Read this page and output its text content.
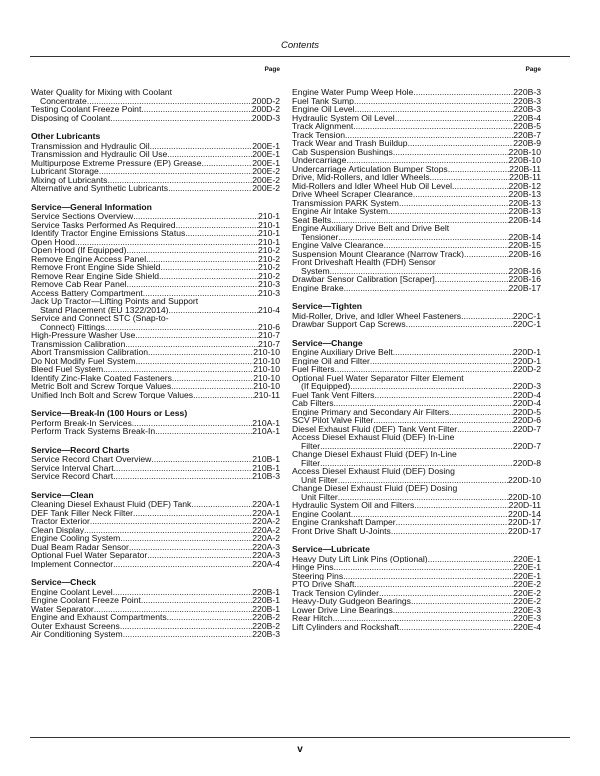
Contents
Page
Water Quality for Mixing with Coolant
Concentrate . . .	200D-2
Testing Coolant Freeze Point . . .	200D-2
Disposing of Coolant . . .	200D-3
Other Lubricants
Transmission and Hydraulic Oil . . .	200E-1
Transmission and Hydraulic Oil Use . . .	200E-1
Multipurpose Extreme Pressure (EP) Grease . . .	200E-1
Lubricant Storage . . .	200E-2
Mixing of Lubricants . . .	200E-2
Alternative and Synthetic Lubricants . . .	200E-2
Service—General Information
Service Sections Overview . . .	210-1
Service Tasks Performed As Required . . .	210-1
Identify Tractor Engine Emissions Status . . .	210-1
Open Hood . . .	210-1
Open Hood (If Equipped) . . .	210-2
Remove Engine Access Panel . . .	210-2
Remove Front Engine Side Shield . . .	210-2
Remove Rear Engine Side Shield . . .	210-2
Remove Cab Rear Panel . . .	210-3
Access Battery Compartment . . .	210-3
Jack Up Tractor—Lifting Points and Support
Stand Placement (EU 1322/2014) . . .	210-4
Service and Connect STC (Snap-to-
Connect) Fittings . . .	210-6
High-Pressure Washer Use . . .	210-7
Transmission Calibration . . .	210-7
Abort Transmission Calibration . . .	210-10
Do Not Modify Fuel System . . .	210-10
Bleed Fuel System . . .	210-10
Identify Zinc-Flake Coated Fasteners . . .	210-10
Metric Bolt and Screw Torque Values . . .	210-10
Unified Inch Bolt and Screw Torque Values . . .	210-11
Service—Break-In (100 Hours or Less)
Perform Break-In Services . . .	210A-1
Perform Track Systems Break-In . . .	210A-1
Service—Record Charts
Service Record Chart Overview . . .	210B-1
Service Interval Chart . . .	210B-1
Service Record Chart . . .	210B-3
Service—Clean
Cleaning Diesel Exhaust Fluid (DEF) Tank . . .	220A-1
DEF Tank Filler Neck Filter . . .	220A-1
Tractor Exterior . . .	220A-2
Clean Display . . .	220A-2
Engine Cooling System . . .	220A-2
Dual Beam Radar Sensor . . .	220A-3
Optional Fuel Water Separator . . .	220A-3
Implement Connector . . .	220A-4
Service—Check
Engine Coolant Level . . .	220B-1
Engine Coolant Freeze Point . . .	220B-1
Water Separator . . .	220B-1
Engine and Exhaust Compartments . . .	220B-2
Outer Exhaust Screens . . .	220B-2
Air Conditioning System . . .	220B-3
Page
Engine Water Pump Weep Hole . . .	220B-3
Fuel Tank Sump . . .	220B-3
Engine Oil Level . . .	220B-3
Hydraulic System Oil Level . . .	220B-4
Track Alignment . . .	220B-5
Track Tension . . .	220B-7
Track Wear and Trash Buildup . . .	220B-9
Cab Suspension Bushings . . .	220B-10
Undercarriage . . .	220B-10
Undercarriage Articulation Bumper Stops . . .	220B-11
Drive, Mid-Rollers, and Idler Wheels . . .	220B-11
Mid-Rollers and Idler Wheel Hub Oil Level . . .	220B-12
Drive Wheel Scraper Clearance . . .	220B-13
Transmission PARK System . . .	220B-13
Engine Air Intake System . . .	220B-13
Seat Belts . . .	220B-14
Engine Auxiliary Drive Belt and Drive Belt
Tensioner . . .	220B-14
Engine Valve Clearance . . .	220B-15
Suspension Mount Clearance (Narrow Track) . . .	220B-16
Front Driveshaft Health (FDH) Sensor
System . . .	220B-16
Drawbar Sensor Calibration [Scraper] . . .	220B-16
Engine Brake . . .	220B-17
Service—Tighten
Mid-Roller, Drive, and Idler Wheel Fasteners . . .	220C-1
Drawbar Support Cap Screws . . .	220C-1
Service—Change
Engine Auxiliary Drive Belt . . .	220D-1
Engine Oil and Filter . . .	220D-1
Fuel Filters . . .	220D-2
Optional Fuel Water Separator Filter Element
(If Equipped) . . .	220D-3
Fuel Tank Vent Filters . . .	220D-4
Cab Filters . . .	220D-4
Engine Primary and Secondary Air Filters . . .	220D-5
SCV Pilot Valve Filter . . .	220D-6
Diesel Exhaust Fluid (DEF) Tank Vent Filter . . .	220D-7
Access Diesel Exhaust Fluid (DEF) In-Line
Filter . . .	220D-7
Change Diesel Exhaust Fluid (DEF) In-Line
Filter . . .	220D-8
Access Diesel Exhaust Fluid (DEF) Dosing
Unit Filter . . .	220D-10
Change Diesel Exhaust Fluid (DEF) Dosing
Unit Filter . . .	220D-10
Hydraulic System Oil and Filters . . .	220D-11
Engine Coolant . . .	220D-14
Engine Crankshaft Damper . . .	220D-17
Front Drive Shaft U-Joints . . .	220D-17
Service—Lubricate
Heavy Duty Lift Link Pins (Optional) . . .	220E-1
Hinge Pins . . .	220E-1
Steering Pins . . .	220E-1
PTO Drive Shaft . . .	220E-2
Track Tension Cylinder . . .	220E-2
Heavy-Duty Gudgeon Bearings . . .	220E-2
Lower Drive Line Bearings . . .	220E-3
Rear Hitch . . .	220E-3
Lift Cylinders and Rockshaft . . .	220E-4
v
